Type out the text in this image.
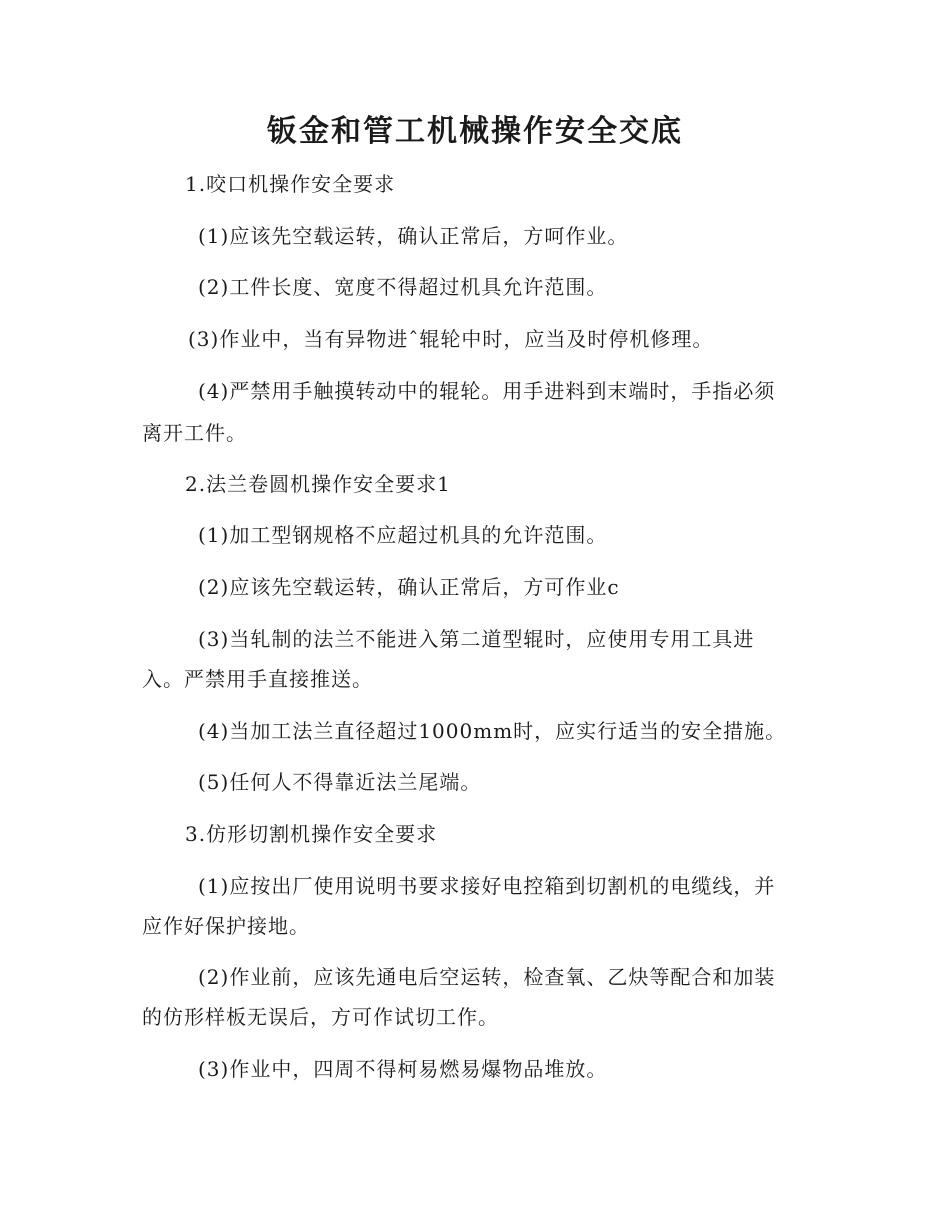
钣金和管工机械操作安全交底
1.咬口机操作安全要求
(1)应该先空载运转，确认正常后，方呵作业。
(2)工件长度、宽度不得超过机具允许范围。
(3)作业中，当有异物进ˆ辊轮中时，应当及时停机修理。
(4)严禁用手触摸转动中的辊轮。用手进料到末端时，手指必须
离开工件。
2.法兰卷圆机操作安全要求1
(1)加工型钢规格不应超过机具的允许范围。
(2)应该先空载运转，确认正常后，方可作业c
(3)当轧制的法兰不能进入第二道型辊时，应使用专用工具进
入。严禁用手直接推送。
(4)当加工法兰直径超过1000mm时，应实行适当的安全措施。
(5)任何人不得靠近法兰尾端。
3.仿形切割机操作安全要求
(1)应按出厂使用说明书要求接好电控箱到切割机的电缆线，并
应作好保护接地。
(2)作业前，应该先通电后空运转，检查氧、乙炔等配合和加装
的仿形样板无误后，方可作试切工作。
(3)作业中，四周不得柯易燃易爆物品堆放。
